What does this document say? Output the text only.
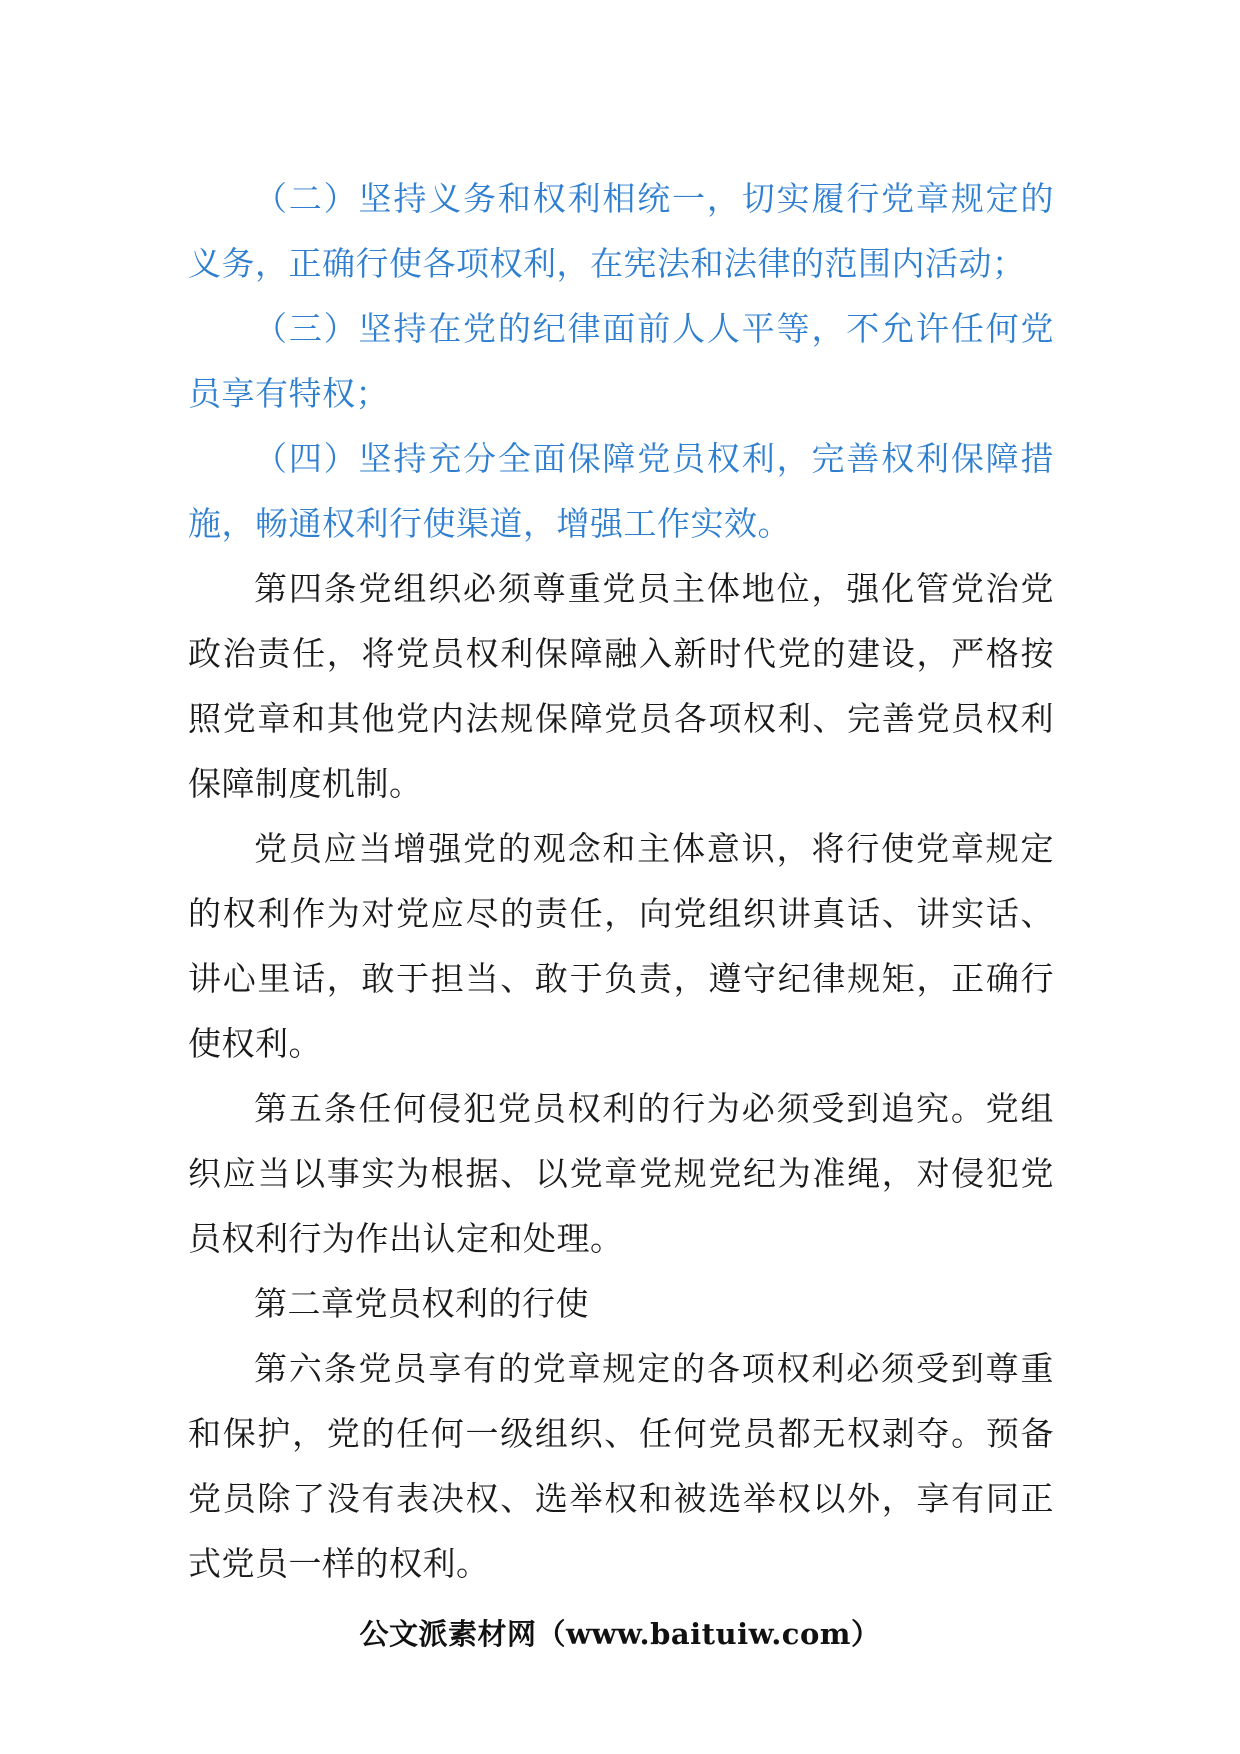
（二）坚持义务和权利相统一，切实履行党章规定的义务，正确行使各项权利，在宪法和法律的范围内活动；

（三）坚持在党的纪律面前人人平等，不允许任何党员享有特权；

（四）坚持充分全面保障党员权利，完善权利保障措施，畅通权利行使渠道，增强工作实效。

第四条党组织必须尊重党员主体地位，强化管党治党政治责任，将党员权利保障融入新时代党的建设，严格按照党章和其他党内法规保障党员各项权利、完善党员权利保障制度机制。

党员应当增强党的观念和主体意识，将行使党章规定的权利作为对党应尽的责任，向党组织讲真话、讲实话、讲心里话，敢于担当、敢于负责，遵守纪律规矩，正确行使权利。

第五条任何侵犯党员权利的行为必须受到追究。党组织应当以事实为根据、以党章党规党纪为准绳，对侵犯党员权利行为作出认定和处理。

第二章党员权利的行使

第六条党员享有的党章规定的各项权利必须受到尊重和保护，党的任何一级组织、任何党员都无权剥夺。预备党员除了没有表决权、选举权和被选举权以外，享有同正式党员一样的权利。

公文派素材网（www.baituiw.com）
